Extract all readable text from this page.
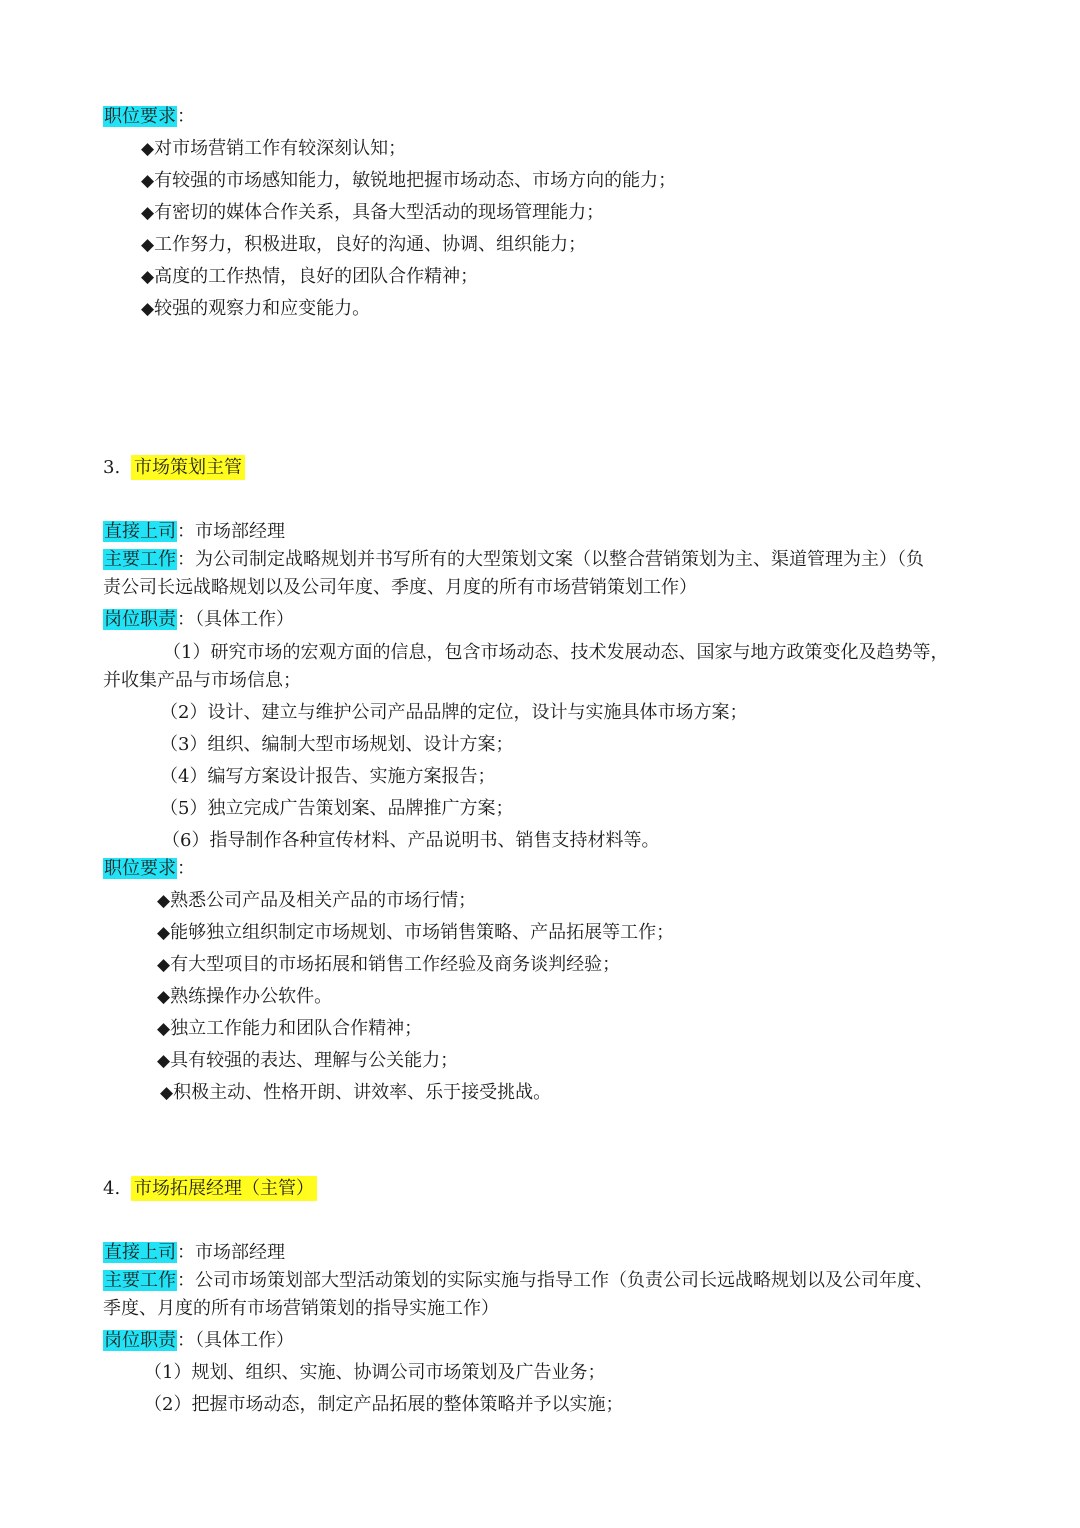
职位要求：
◆对市场营销工作有较深刻认知；
◆有较强的市场感知能力，敏锐地把握市场动态、市场方向的能力；
◆有密切的媒体合作关系，具备大型活动的现场管理能力；
◆工作努力，积极进取，良好的沟通、协调、组织能力；
◆高度的工作热情，良好的团队合作精神；
◆较强的观察力和应变能力。
3. 市场策划主管
直接上司：市场部经理
主要工作：为公司制定战略规划并书写所有的大型策划文案（以整合营销策划为主、渠道管理为主）（负
责公司长远战略规划以及公司年度、季度、月度的所有市场营销策划工作）
岗位职责：（具体工作）
（1）研究市场的宏观方面的信息，包含市场动态、技术发展动态、国家与地方政策变化及趋势等，
并收集产品与市场信息；
（2）设计、建立与维护公司产品品牌的定位，设计与实施具体市场方案；
（3）组织、编制大型市场规划、设计方案；
（4）编写方案设计报告、实施方案报告；
（5）独立完成广告策划案、品牌推广方案；
（6）指导制作各种宣传材料、产品说明书、销售支持材料等。
职位要求：
◆熟悉公司产品及相关产品的市场行情；
◆能够独立组织制定市场规划、市场销售策略、产品拓展等工作；
◆有大型项目的市场拓展和销售工作经验及商务谈判经验；
◆熟练操作办公软件。
◆独立工作能力和团队合作精神；
◆具有较强的表达、理解与公关能力；
◆积极主动、性格开朗、讲效率、乐于接受挑战。
4. 市场拓展经理（主管）
直接上司：市场部经理
主要工作：公司市场策划部大型活动策划的实际实施与指导工作（负责公司长远战略规划以及公司年度、
季度、月度的所有市场营销策划的指导实施工作）
岗位职责：（具体工作）
（1）规划、组织、实施、协调公司市场策划及广告业务；
（2）把握市场动态，制定产品拓展的整体策略并予以实施；
